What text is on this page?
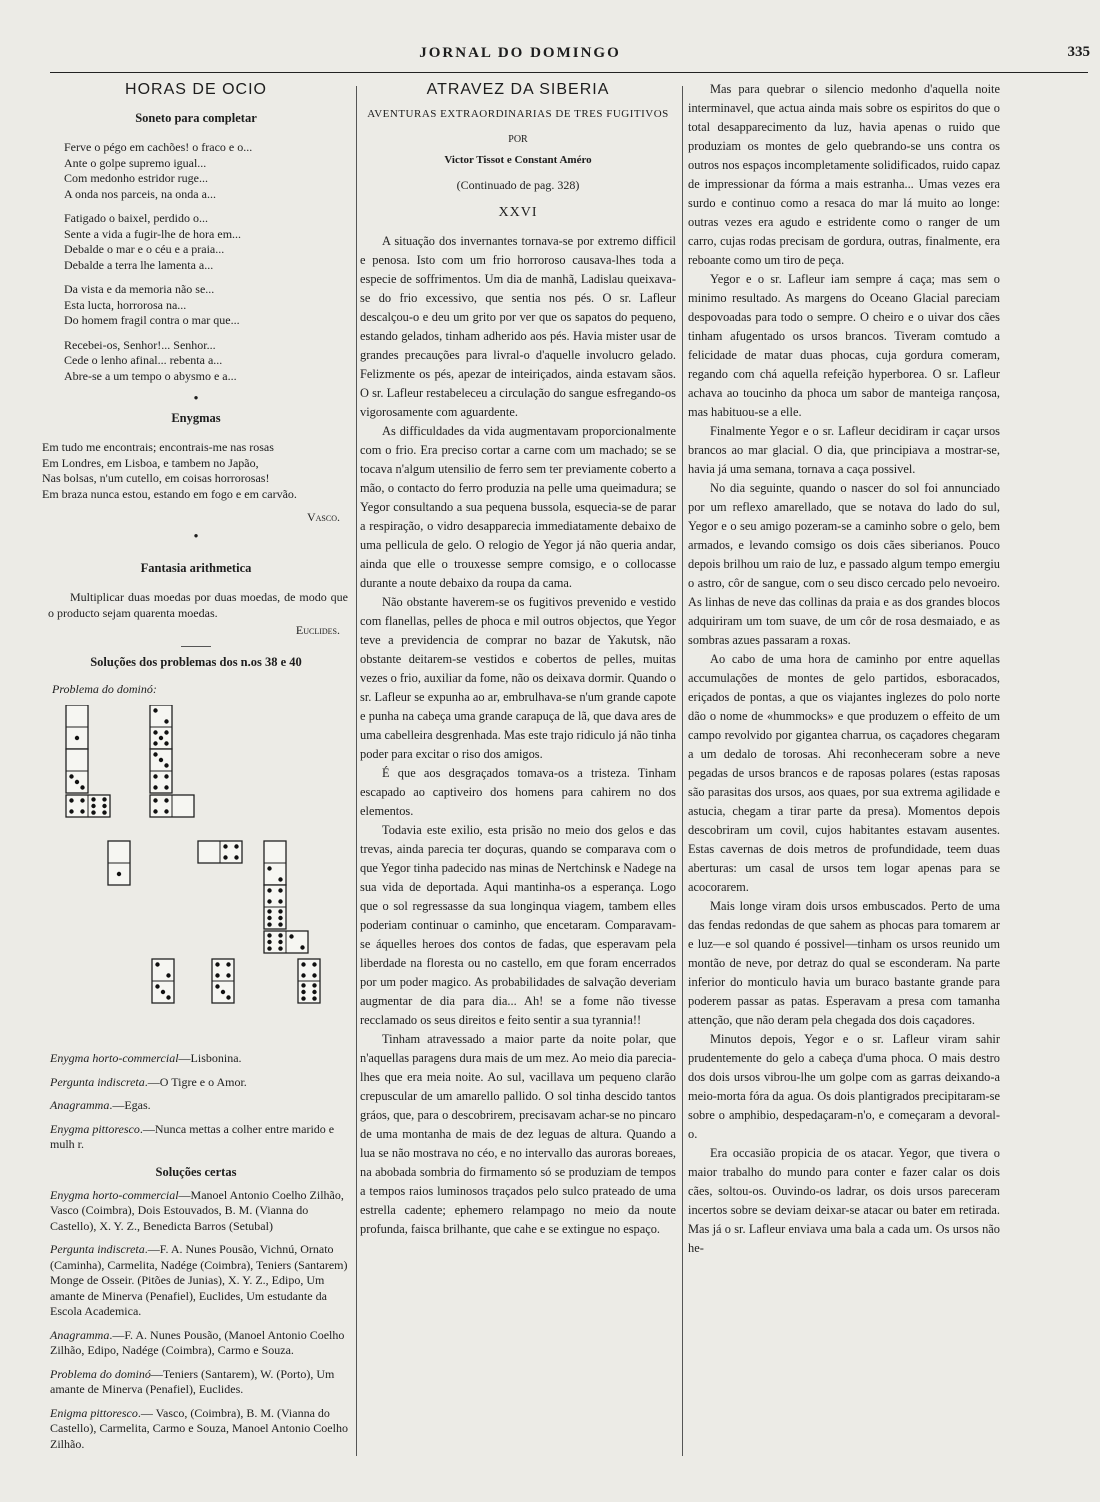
JORNAL DO DOMINGO	335
HORAS DE OCIO
Soneto para completar
Ferve o pégo em cachões! o fraco e o...
Ante o golpe supremo igual...
Com medonho estridor ruge...
A onda nos parceis, na onda a...
Fatigado o baixel, perdido o...
Sente a vida a fugir-lhe de hora em...
Debalde o mar e o céu e a praia...
Debalde a terra lhe lamenta a...
Da vista e da memoria não se...
Esta lucta, horrorosa na...
Do homem fragil contra o mar que...
Recebei-os, Senhor!... Senhor...
Cede o lenho afinal... rebenta a...
Abre-se a um tempo o abysmo e a...
●
Enygmas
Em tudo me encontrais; encontrais-me nas rosas
Em Londres, em Lisboa, e tambem no Japão,
Nas bolsas, n'um cutello, em coisas horrorosas!
Em braza nunca estou, estando em fogo e em carvão.
Vasco.
●
Fantasia arithmetica

Multiplicar duas moedas por duas moedas, de modo que o producto sejam quarenta moedas.

Euclides.
Soluções dos problemas dos n.os 38 e 40
Problema do dominó:
Enygma horto-commercial—Lisbonina.
Pergunta indiscreta.—O Tigre e o Amor.
Anagramma.—Egas.
Enygma pittoresco.—Nunca mettas a colher entre marido e mulh r.
Soluções certas
Enygma horto-commercial—Manoel Antonio Coelho Zilhão, Vasco (Coimbra), Dois Estouvados, B. M. (Vianna do Castello), X. Y. Z., Benedicta Barros (Setubal)
Pergunta indiscreta.—F. A. Nunes Pousão, Vichnú, Ornato (Caminha), Carmelita, Nadége (Coimbra), Teniers (Santarem) Monge de Osseir. (Pitões de Junias), X. Y. Z., Edipo, Um amante de Minerva (Penafiel), Euclides, Um estudante da Escola Academica.
Anagramma.—F. A. Nunes Pousão, (Manoel Antonio Coelho Zilhão, Edipo, Nadége (Coimbra), Carmo e Souza.
Problema do dominó—Teniers (Santarem), W. (Porto), Um amante de Minerva (Penafiel), Euclides.
Enigma pittoresco.— Vasco, (Coimbra), B. M. (Vianna do Castello), Carmelita, Carmo e Souza, Manoel Antonio Coelho Zilhão.
ATRAVEZ DA SIBERIA
AVENTURAS EXTRAORDINARIAS DE TRES FUGITIVOS
POR
Victor Tissot e Constant Améro
(Continuado de pag. 328)
XXVI

A situação dos invernantes tornava-se por extremo difficil e penosa. Isto com um frio horroroso causava-lhes toda a especie de soffrimentos. Um dia de manhã, Ladislau queixava-se do frio excessivo, que sentia nos pés. O sr. Lafleur descalçou-o e deu um grito por ver que os sapatos do pequeno, estando gelados, tinham adherido aos pés. Havia mister usar de grandes precauções para livral-o d'aquelle involucro gelado. Felizmente os pés, apezar de inteiriçados, ainda estavam sãos. O sr. Lafleur restabeleceu a circulação do sangue esfregando-os vigorosamente com aguardente.

As difficuldades da vida augmentavam proporcionalmente com o frio. Era preciso cortar a carne com um machado; se se tocava n'algum utensilio de ferro sem ter previamente coberto a mão, o contacto do ferro produzia na pelle uma queimadura; se Yegor consultando a sua pequena bussola, esquecia-se de parar a respiração, o vidro desapparecia immediatamente debaixo de uma pellicula de gelo. O relogio de Yegor já não queria andar, ainda que elle o trouxesse sempre comsigo, e o collocasse durante a noute debaixo da roupa da cama.

Não obstante haverem-se os fugitivos prevenido e vestido com flanellas, pelles de phoca e mil outros objectos, que Yegor teve a previdencia de comprar no bazar de Yakutsk, não obstante deitarem-se vestidos e cobertos de pelles, muitas vezes o frio, auxiliar da fome, não os deixava dormir. Quando o sr. Lafleur se expunha ao ar, embrulhava-se n'um grande capote e punha na cabeça uma grande carapuça de lã, que dava ares de uma cabelleira desgrenhada. Mas este trajo ridiculo já não tinha poder para excitar o riso dos amigos.

É que aos desgraçados tomava-os a tristeza. Tinham escapado ao captiveiro dos homens para cahirem no dos elementos.

Todavia este exilio, esta prisão no meio dos gelos e das trevas, ainda parecia ter doçuras, quando se comparava com o que Yegor tinha padecido nas minas de Nertchinsk e Nadege na sua vida de deportada. Aqui mantinha-os a esperança. Logo que o sol regressasse da sua longinqua viagem, tambem elles poderiam continuar o caminho, que encetaram. Comparavam-se áquelles heroes dos contos de fadas, que esperavam pela liberdade na floresta ou no castello, em que foram encerrados por um poder magico. As probabilidades de salvação deveriam augmentar de dia para dia... Ah! se a fome não tivesse recclamado os seus direitos e feito sentir a sua tyrannia!!

Tinham atravessado a maior parte da noite polar, que n'aquellas paragens dura mais de um mez. Ao meio dia parecia-lhes que era meia noite. Ao sul, vacillava um pequeno clarão crepuscular de um amarello pallido. O sol tinha descido tantos gráos, que, para o descobrirem, precisavam achar-se no pincaro de uma montanha de mais de dez leguas de altura. Quando a lua se não mostrava no céo, e no intervallo das auroras boreaes, na abobada sombria do firmamento só se produziam de tempos a tempos raios luminosos traçados pelo sulco prateado de uma estrella cadente; ephemero relampago no meio da noute profunda, faisca brilhante, que cahe e se extingue no espaço.

Mas para quebrar o silencio medonho d'aquella noite interminavel, que actua ainda mais sobre os espiritos do que o total desapparecimento da luz, havia apenas o ruido que produziam os montes de gelo quebrando-se uns contra os outros nos espaços incompletamente solidificados, ruido capaz de impressionar da fórma a mais estranha... Umas vezes era surdo e continuo como a resaca do mar lá muito ao longe: outras vezes era agudo e estridente como o ranger de um carro, cujas rodas precisam de gordura, outras, finalmente, era reboante como um tiro de peça.

Yegor e o sr. Lafleur iam sempre á caça; mas sem o minimo resultado. As margens do Oceano Glacial pareciam despovoadas para todo o sempre. O cheiro e o uivar dos cães tinham afugentado os ursos brancos. Tiveram comtudo a felicidade de matar duas phocas, cuja gordura comeram, regando com chá aquella refeição hyperborea. O sr. Lafleur achava ao toucinho da phoca um sabor de manteiga rançosa, mas habituou-se a elle.

Finalmente Yegor e o sr. Lafleur decidiram ir caçar ursos brancos ao mar glacial. O dia, que principiava a mostrar-se, havia já uma semana, tornava a caça possivel.

No dia seguinte, quando o nascer do sol foi annunciado por um reflexo amarellado, que se notava do lado do sul, Yegor e o seu amigo pozeram-se a caminho sobre o gelo, bem armados, e levando comsigo os dois cães siberianos. Pouco depois brilhou um raio de luz, e passado algum tempo emergiu o astro, côr de sangue, com o seu disco cercado pelo nevoeiro. As linhas de neve das collinas da praia e as dos grandes blocos adquiriram um tom suave, de um côr de rosa desmaiado, e as sombras azues passaram a roxas.

Ao cabo de uma hora de caminho por entre aquellas accumulações de montes de gelo partidos, esboracados, eriçados de pontas, a que os viajantes inglezes do polo norte dão o nome de «hummocks» e que produzem o effeito de um campo revolvido por gigantea charrua, os caçadores chegaram a um dedalo de torosas. Ahi reconheceram sobre a neve pegadas de ursos brancos e de raposas polares (estas raposas são parasitas dos ursos, aos quaes, por sua extrema agilidade e astucia, chegam a tirar parte da presa). Momentos depois descobriram um covil, cujos habitantes estavam ausentes. Estas cavernas de dois metros de profundidade, teem duas aberturas: um casal de ursos tem logar apenas para se acocorarem.

Mais longe viram dois ursos embuscados. Perto de uma das fendas redondas de que sahem as phocas para tomarem ar e luz—e sol quando é possivel—tinham os ursos reunido um montão de neve, por detraz do qual se esconderam. Na parte inferior do monticulo havia um buraco bastante grande para poderem passar as patas. Esperavam a presa com tamanha attenção, que não deram pela chegada dos dois caçadores.

Minutos depois, Yegor e o sr. Lafleur viram sahir prudentemente do gelo a cabeça d'uma phoca. O mais destro dos dois ursos vibrou-lhe um golpe com as garras deixando-a meio-morta fóra da agua. Os dois plantigrados precipitaram-se sobre o amphibio, despedaçaram-n'o, e começaram a devoral-o.

Era occasião propicia de os atacar. Yegor, que tivera o maior trabalho do mundo para conter e fazer calar os dois cães, soltou-os. Ouvindo-os ladrar, os dois ursos pareceram incertos sobre se deviam deixar-se atacar ou bater em retirada. Mas já o sr. Lafleur enviava uma bala a cada um. Os ursos não he-
